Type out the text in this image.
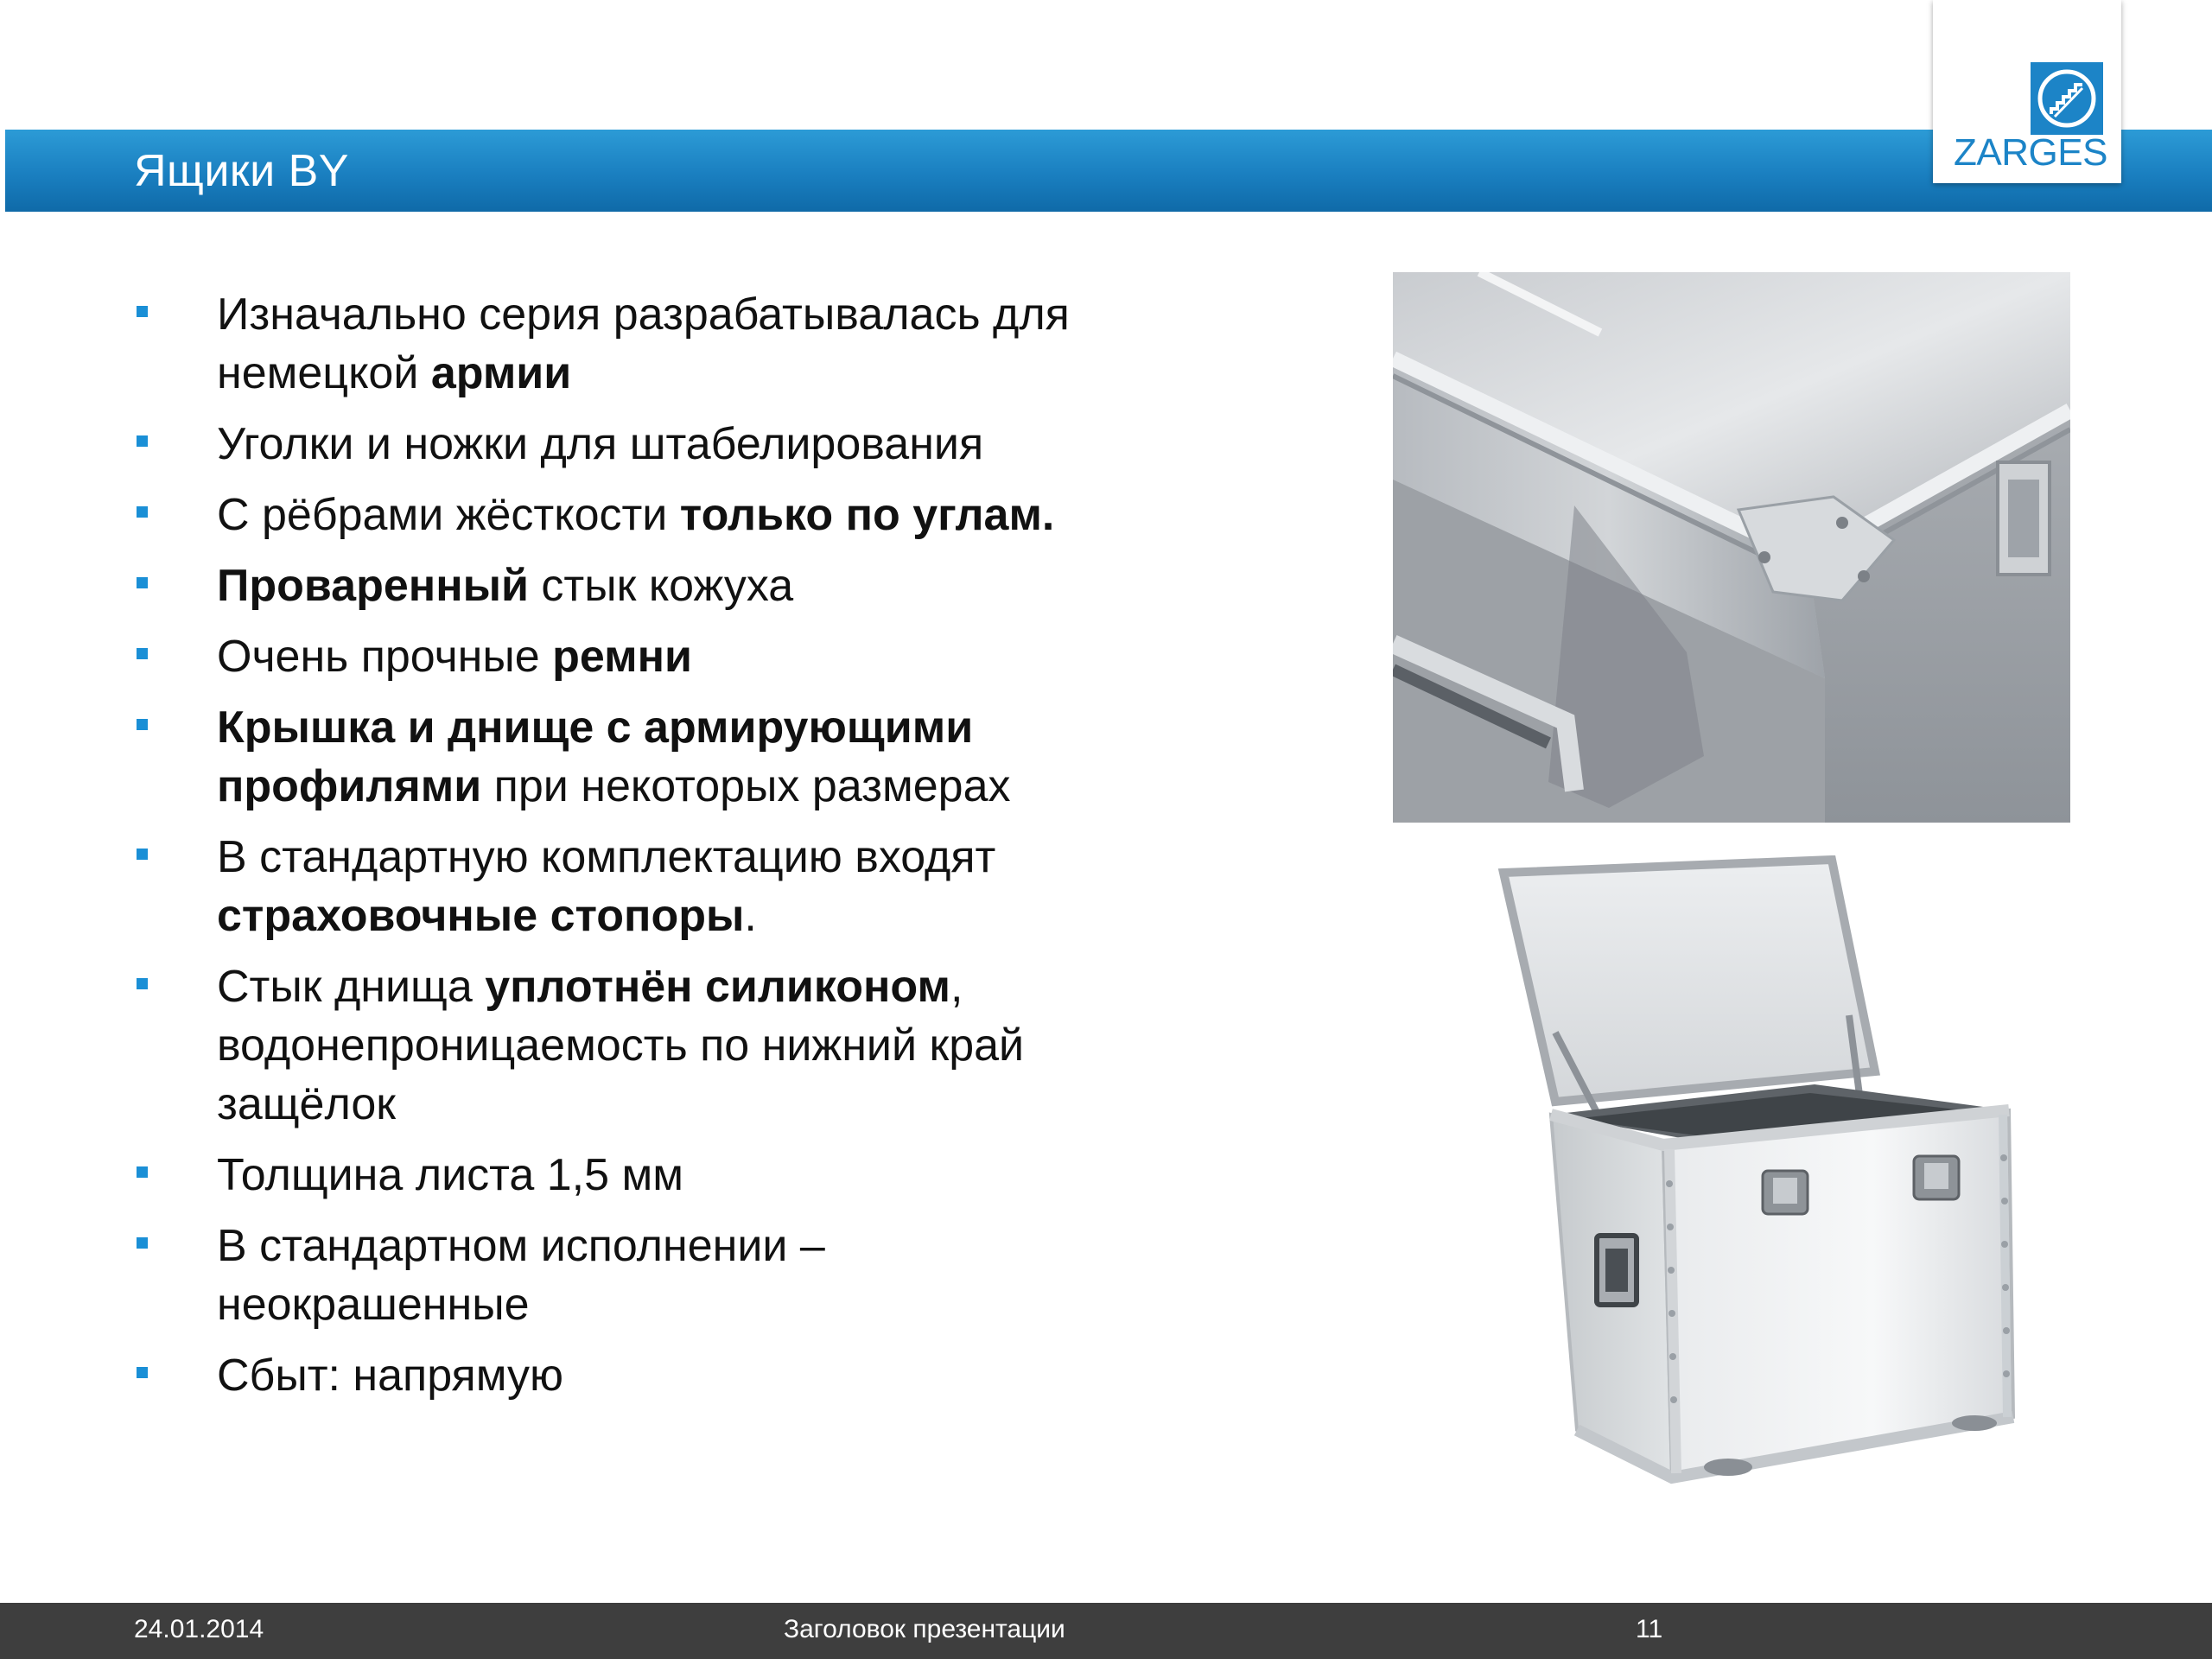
Ящики BY	ZARGES
Изначально серия разрабатывалась для немецкой армии
Уголки и ножки для штабелирования
С рёбрами жёсткости только по углам.
Проваренный стык кожуха
Очень прочные ремни
Крышка и днище с армирующими профилями при некоторых размерах
В стандартную комплектацию входят страховочные стопоры.
Стык днища уплотнён силиконом, водонепроницаемость по нижний край защёлок
Толщина листа 1,5 мм
В стандартном исполнении – неокрашенные
Сбыт: напрямую
24.01.2014	Заголовок презентации	11
